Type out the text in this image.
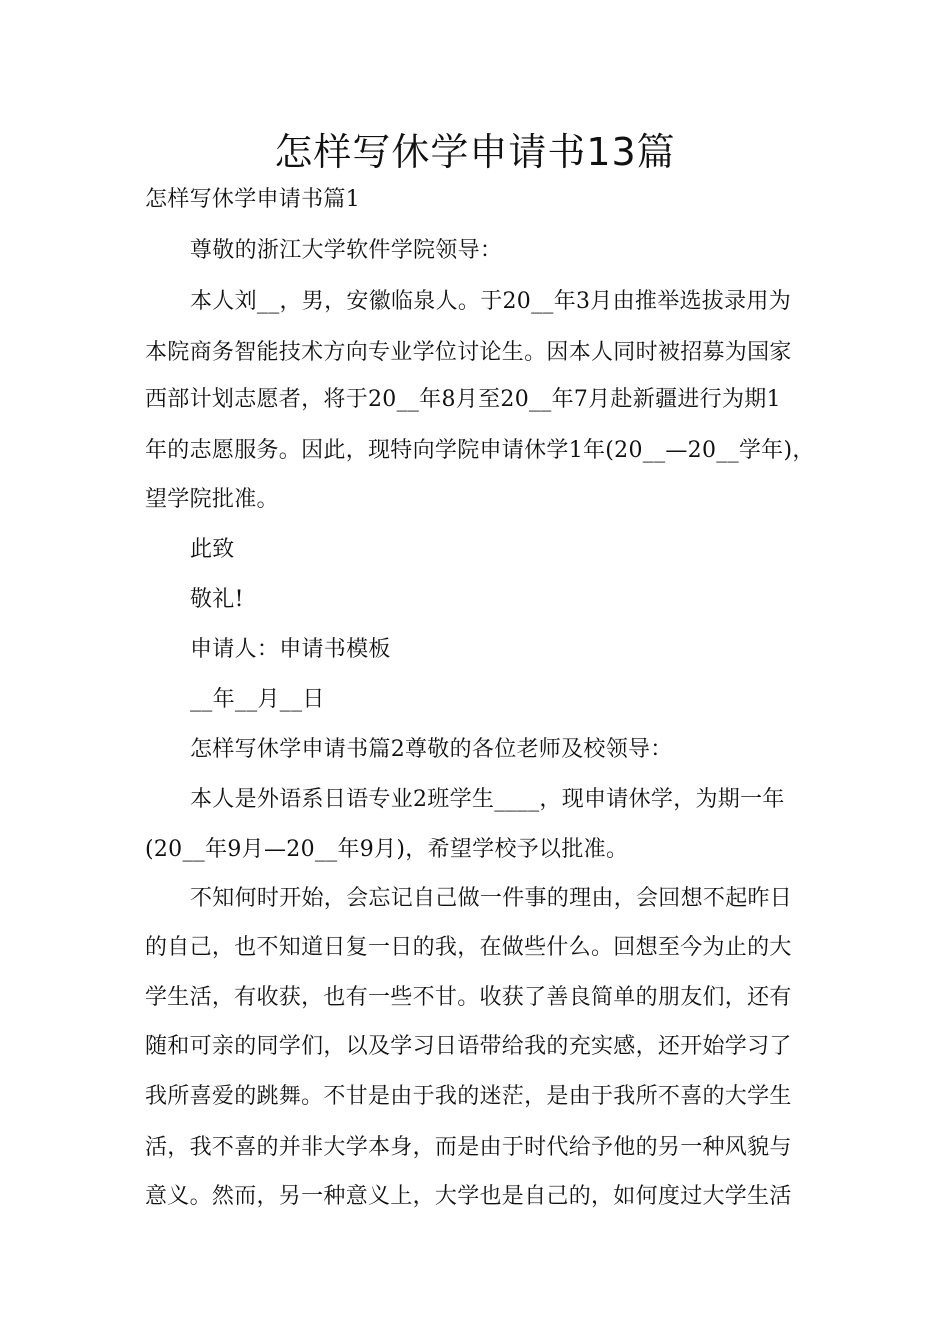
怎样写休学申请书13篇
怎样写休学申请书篇1
尊敬的浙江大学软件学院领导：
本人刘__，男，安徽临泉人。于20__年3月由推举选拔录用为
本院商务智能技术方向专业学位讨论生。因本人同时被招募为国家
西部计划志愿者，将于20__年8月至20__年7月赴新疆进行为期1
年的志愿服务。因此，现特向学院申请休学1年(20__—20__学年)，
望学院批准。
此致
敬礼!
申请人：申请书模板
__年__月__日
怎样写休学申请书篇2尊敬的各位老师及校领导：
本人是外语系日语专业2班学生____，现申请休学，为期一年
(20__年9月—20__年9月)，希望学校予以批准。
不知何时开始，会忘记自己做一件事的理由，会回想不起昨日
的自己，也不知道日复一日的我，在做些什么。回想至今为止的大
学生活，有收获，也有一些不甘。收获了善良简单的朋友们，还有
随和可亲的同学们，以及学习日语带给我的充实感，还开始学习了
我所喜爱的跳舞。不甘是由于我的迷茫，是由于我所不喜的大学生
活，我不喜的并非大学本身，而是由于时代给予他的另一种风貌与
意义。然而，另一种意义上，大学也是自己的，如何度过大学生活
